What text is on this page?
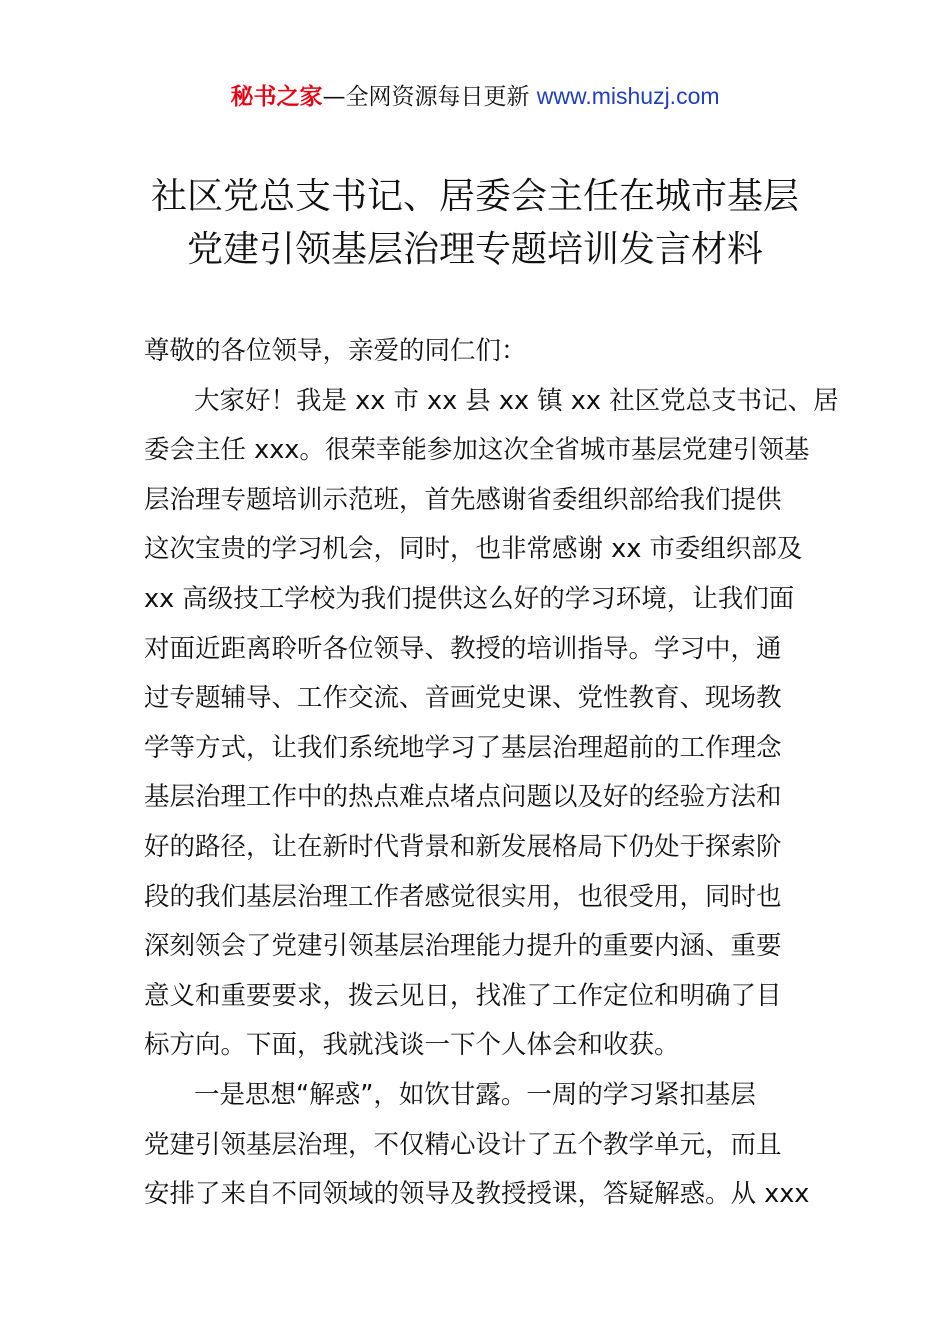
秘书之家—全网资源每日更新 www.mishuzj.com
社区党总支书记、居委会主任在城市基层
党建引领基层治理专题培训发言材料
尊敬的各位领导，亲爱的同仁们：
大家好！我是 xx 市 xx 县 xx 镇 xx 社区党总支书记、居
委会主任 xxx。很荣幸能参加这次全省城市基层党建引领基
层治理专题培训示范班，首先感谢省委组织部给我们提供
这次宝贵的学习机会，同时，也非常感谢 xx 市委组织部及
xx 高级技工学校为我们提供这么好的学习环境，让我们面
对面近距离聆听各位领导、教授的培训指导。学习中，通
过专题辅导、工作交流、音画党史课、党性教育、现场教
学等方式，让我们系统地学习了基层治理超前的工作理念
基层治理工作中的热点难点堵点问题以及好的经验方法和
好的路径，让在新时代背景和新发展格局下仍处于探索阶
段的我们基层治理工作者感觉很实用，也很受用，同时也
深刻领会了党建引领基层治理能力提升的重要内涵、重要
意义和重要要求，拨云见日，找准了工作定位和明确了目
标方向。下面，我就浅谈一下个人体会和收获。
一是思想“解惑”，如饮甘露。一周的学习紧扣基层
党建引领基层治理，不仅精心设计了五个教学单元，而且
安排了来自不同领域的领导及教授授课，答疑解惑。从 xxx
